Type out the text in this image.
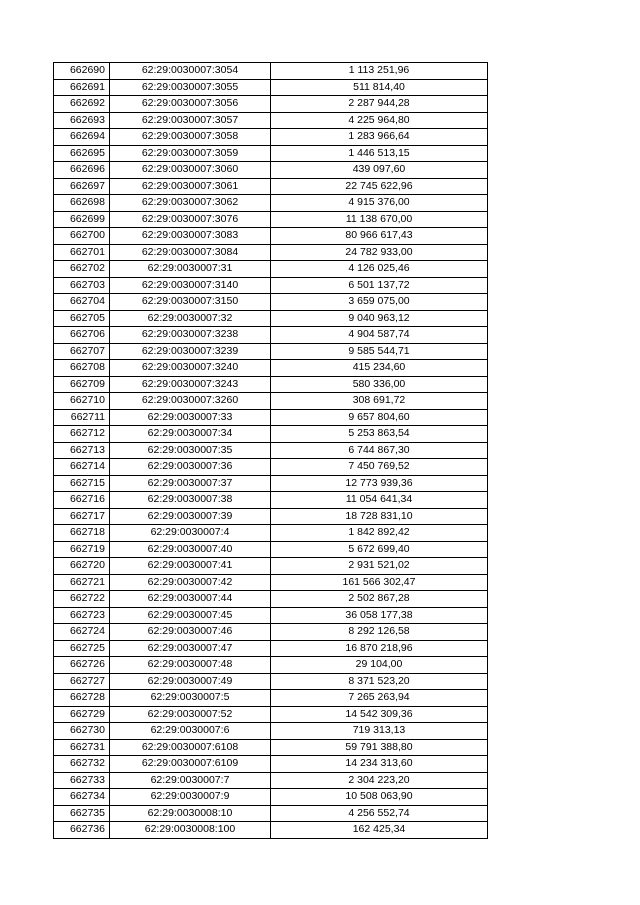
662690	62:29:0030007:3054	1 113 251,96
662691	62:29:0030007:3055	511 814,40
662692	62:29:0030007:3056	2 287 944,28
662693	62:29:0030007:3057	4 225 964,80
662694	62:29:0030007:3058	1 283 966,64
662695	62:29:0030007:3059	1 446 513,15
662696	62:29:0030007:3060	439 097,60
662697	62:29:0030007:3061	22 745 622,96
662698	62:29:0030007:3062	4 915 376,00
662699	62:29:0030007:3076	11 138 670,00
662700	62:29:0030007:3083	80 966 617,43
662701	62:29:0030007:3084	24 782 933,00
662702	62:29:0030007:31	4 126 025,46
662703	62:29:0030007:3140	6 501 137,72
662704	62:29:0030007:3150	3 659 075,00
662705	62:29:0030007:32	9 040 963,12
662706	62:29:0030007:3238	4 904 587,74
662707	62:29:0030007:3239	9 585 544,71
662708	62:29:0030007:3240	415 234,60
662709	62:29:0030007:3243	580 336,00
662710	62:29:0030007:3260	308 691,72
662711	62:29:0030007:33	9 657 804,60
662712	62:29:0030007:34	5 253 863,54
662713	62:29:0030007:35	6 744 867,30
662714	62:29:0030007:36	7 450 769,52
662715	62:29:0030007:37	12 773 939,36
662716	62:29:0030007:38	11 054 641,34
662717	62:29:0030007:39	18 728 831,10
662718	62:29:0030007:4	1 842 892,42
662719	62:29:0030007:40	5 672 699,40
662720	62:29:0030007:41	2 931 521,02
662721	62:29:0030007:42	161 566 302,47
662722	62:29:0030007:44	2 502 867,28
662723	62:29:0030007:45	36 058 177,38
662724	62:29:0030007:46	8 292 126,58
662725	62:29:0030007:47	16 870 218,96
662726	62:29:0030007:48	29 104,00
662727	62:29:0030007:49	8 371 523,20
662728	62:29:0030007:5	7 265 263,94
662729	62:29:0030007:52	14 542 309,36
662730	62:29:0030007:6	719 313,13
662731	62:29:0030007:6108	59 791 388,80
662732	62:29:0030007:6109	14 234 313,60
662733	62:29:0030007:7	2 304 223,20
662734	62:29:0030007:9	10 508 063,90
662735	62:29:0030008:10	4 256 552,74
662736	62:29:0030008:100	162 425,34
